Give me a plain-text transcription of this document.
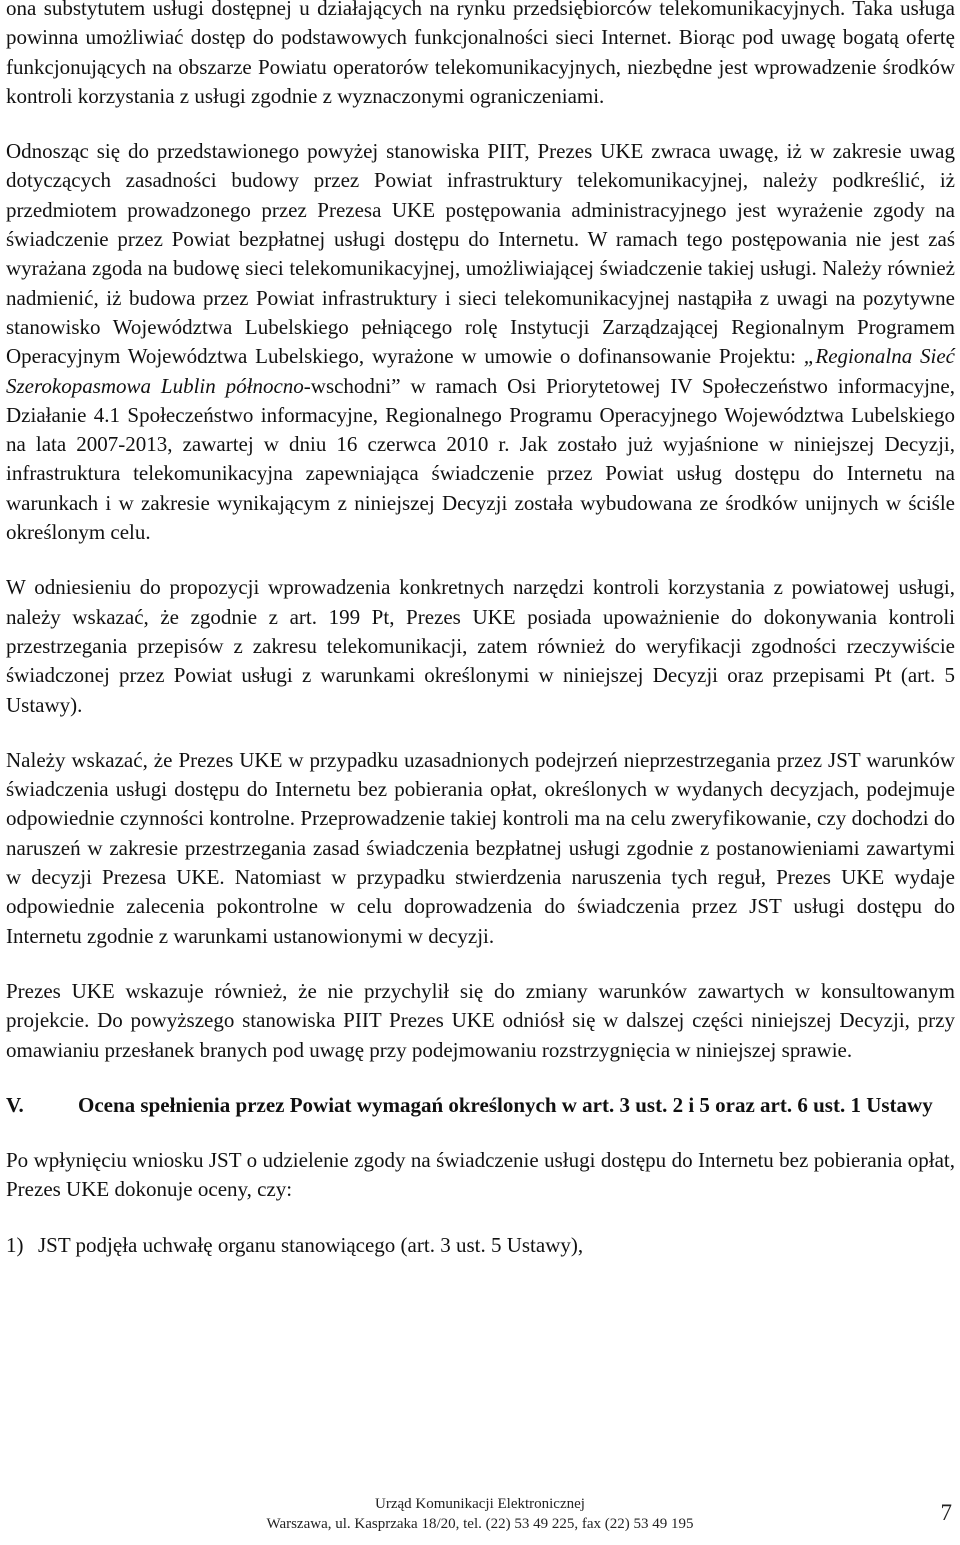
ona substytutem usługi dostępnej u działających na rynku przedsiębiorców telekomunikacyjnych. Taka usługa powinna umożliwiać dostęp do podstawowych funkcjonalności sieci Internet. Biorąc pod uwagę bogatą ofertę funkcjonujących na obszarze Powiatu operatorów telekomunikacyjnych, niezbędne jest wprowadzenie środków kontroli korzystania z usługi zgodnie z wyznaczonymi ograniczeniami.

Odnosząc się do przedstawionego powyżej stanowiska PIIT, Prezes UKE zwraca uwagę, iż w zakresie uwag dotyczących zasadności budowy przez Powiat infrastruktury telekomunikacyjnej, należy podkreślić, iż przedmiotem prowadzonego przez Prezesa UKE postępowania administracyjnego jest wyrażenie zgody na świadczenie przez Powiat bezpłatnej usługi dostępu do Internetu. W ramach tego postępowania nie jest zaś wyrażana zgoda na budowę sieci telekomunikacyjnej, umożliwiającej świadczenie takiej usługi. Należy również nadmienić, iż budowa przez Powiat infrastruktury i sieci telekomunikacyjnej nastąpiła z uwagi na pozytywne stanowisko Województwa Lubelskiego pełniącego rolę Instytucji Zarządzającej Regionalnym Programem Operacyjnym Województwa Lubelskiego, wyrażone w umowie o dofinansowanie Projektu: „Regionalna Sieć Szerokopasmowa Lublin północno-wschodni” w ramach Osi Priorytetowej IV Społeczeństwo informacyjne, Działanie 4.1 Społeczeństwo informacyjne, Regionalnego Programu Operacyjnego Województwa Lubelskiego na lata 2007-2013, zawartej w dniu 16 czerwca 2010 r. Jak zostało już wyjaśnione w niniejszej Decyzji, infrastruktura telekomunikacyjna zapewniająca świadczenie przez Powiat usług dostępu do Internetu na warunkach i w zakresie wynikającym z niniejszej Decyzji została wybudowana ze środków unijnych w ściśle określonym celu.

W odniesieniu do propozycji wprowadzenia konkretnych narzędzi kontroli korzystania z powiatowej usługi, należy wskazać, że zgodnie z art. 199 Pt, Prezes UKE posiada upoważnienie do dokonywania kontroli przestrzegania przepisów z zakresu telekomunikacji, zatem również do weryfikacji zgodności rzeczywiście świadczonej przez Powiat usługi z warunkami określonymi w niniejszej Decyzji oraz przepisami Pt (art. 5 Ustawy).

Należy wskazać, że Prezes UKE w przypadku uzasadnionych podejrzeń nieprzestrzegania przez JST warunków świadczenia usługi dostępu do Internetu bez pobierania opłat, określonych w wydanych decyzjach, podejmuje odpowiednie czynności kontrolne. Przeprowadzenie takiej kontroli ma na celu zweryfikowanie, czy dochodzi do naruszeń w zakresie przestrzegania zasad świadczenia bezpłatnej usługi zgodnie z postanowieniami zawartymi w decyzji Prezesa UKE. Natomiast w przypadku stwierdzenia naruszenia tych reguł, Prezes UKE wydaje odpowiednie zalecenia pokontrolne w celu doprowadzenia do świadczenia przez JST usługi dostępu do Internetu zgodnie z warunkami ustanowionymi w decyzji.

Prezes UKE wskazuje również, że nie przychylił się do zmiany warunków zawartych w konsultowanym projekcie. Do powyższego stanowiska PIIT Prezes UKE odniósł się w dalszej części niniejszej Decyzji, przy omawianiu przesłanek branych pod uwagę przy podejmowaniu rozstrzygnięcia w niniejszej sprawie.

V.	Ocena spełnienia przez Powiat wymagań określonych w art. 3 ust. 2 i 5 oraz art. 6 ust. 1 Ustawy

Po wpłynięciu wniosku JST o udzielenie zgody na świadczenie usługi dostępu do Internetu bez pobierania opłat, Prezes UKE dokonuje oceny, czy:

1) JST podjęła uchwałę organu stanowiącego (art. 3 ust. 5 Ustawy),
Urząd Komunikacji Elektronicznej
Warszawa, ul. Kasprzaka 18/20, tel. (22) 53 49 225, fax (22) 53 49 195	7
